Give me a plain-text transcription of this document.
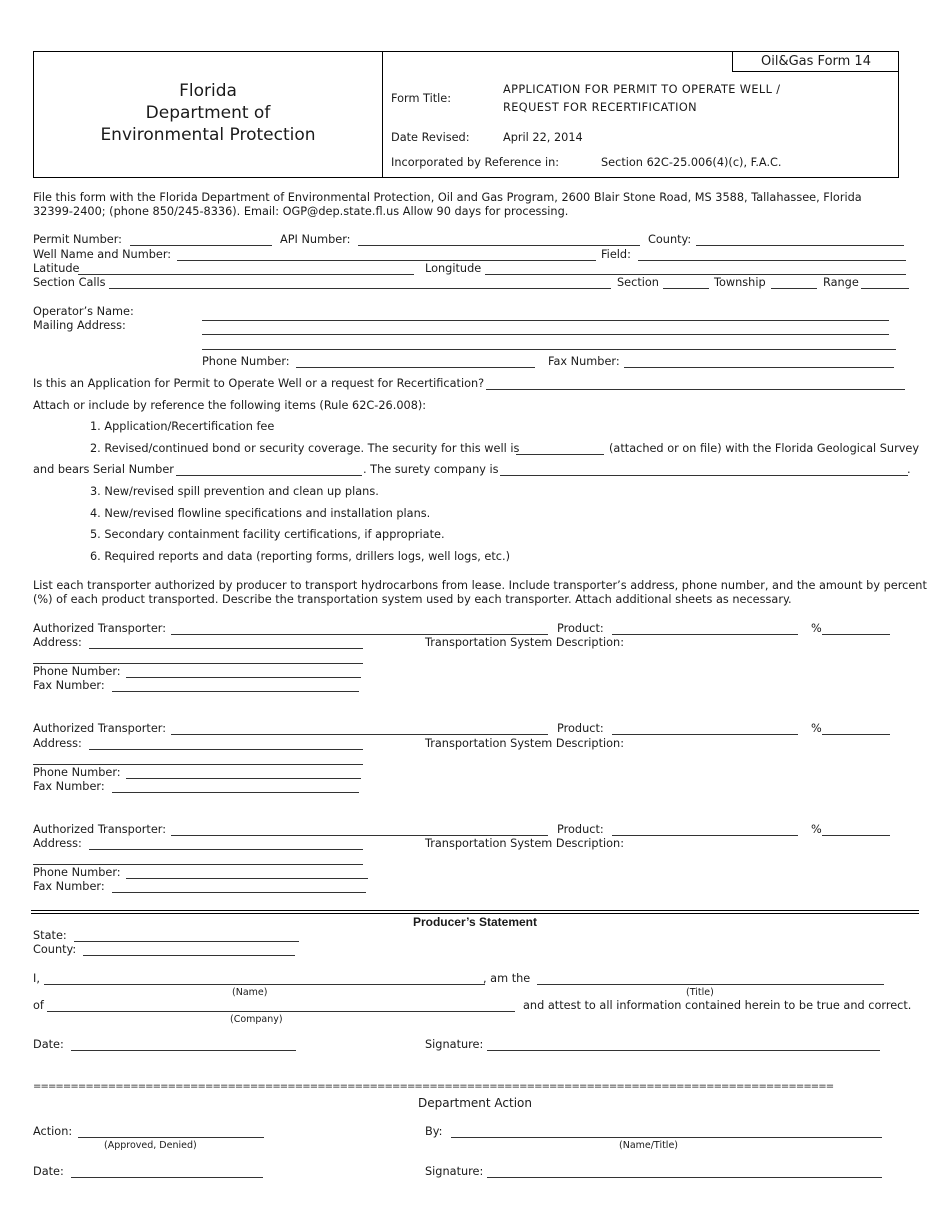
Oil&Gas Form 14
Florida
Department of
Environmental Protection
Form Title:
APPLICATION FOR PERMIT TO OPERATE WELL /
REQUEST FOR RECERTIFICATION
Date Revised:	April 22, 2014
Incorporated by Reference in:	Section 62C-25.006(4)(c), F.A.C.
File this form with the Florida Department of Environmental Protection, Oil and Gas Program, 2600 Blair Stone Road, MS 3588, Tallahassee, Florida
32399-2400; (phone 850/245-8336). Email: OGP@dep.state.fl.us Allow 90 days for processing.
Permit Number:	API Number:	County:
Well Name and Number:	Field:
Latitude	Longitude
Section Calls	Section	Township	Range
Operator’s Name:
Mailing Address:
Phone Number:	Fax Number:
Is this an Application for Permit to Operate Well or a request for Recertification?
Attach or include by reference the following items (Rule 62C-26.008):
1. Application/Recertification fee
2. Revised/continued bond or security coverage. The security for this well is	(attached or on file) with the Florida Geological Survey
and bears Serial Number	. The surety company is	.
3. New/revised spill prevention and clean up plans.
4. New/revised flowline specifications and installation plans.
5. Secondary containment facility certifications, if appropriate.
6. Required reports and data (reporting forms, drillers logs, well logs, etc.)
List each transporter authorized by producer to transport hydrocarbons from lease. Include transporter’s address, phone number, and the amount by percent
(%) of each product transported. Describe the transportation system used by each transporter. Attach additional sheets as necessary.
Authorized Transporter:	Product:	%
Address:	Transportation System Description:
Phone Number:
Fax Number:
Authorized Transporter:	Product:	%
Address:	Transportation System Description:
Phone Number:
Fax Number:
Authorized Transporter:	Product:	%
Address:	Transportation System Description:
Phone Number:
Fax Number:
Producer’s Statement
State:
County:
I,	, am the
(Name)	(Title)
of	and attest to all information contained herein to be true and correct.
(Company)
Date:	Signature:
===========================================================================================================
Department Action
Action:
(Approved, Denied)
By:
(Name/Title)
Date:	Signature:
